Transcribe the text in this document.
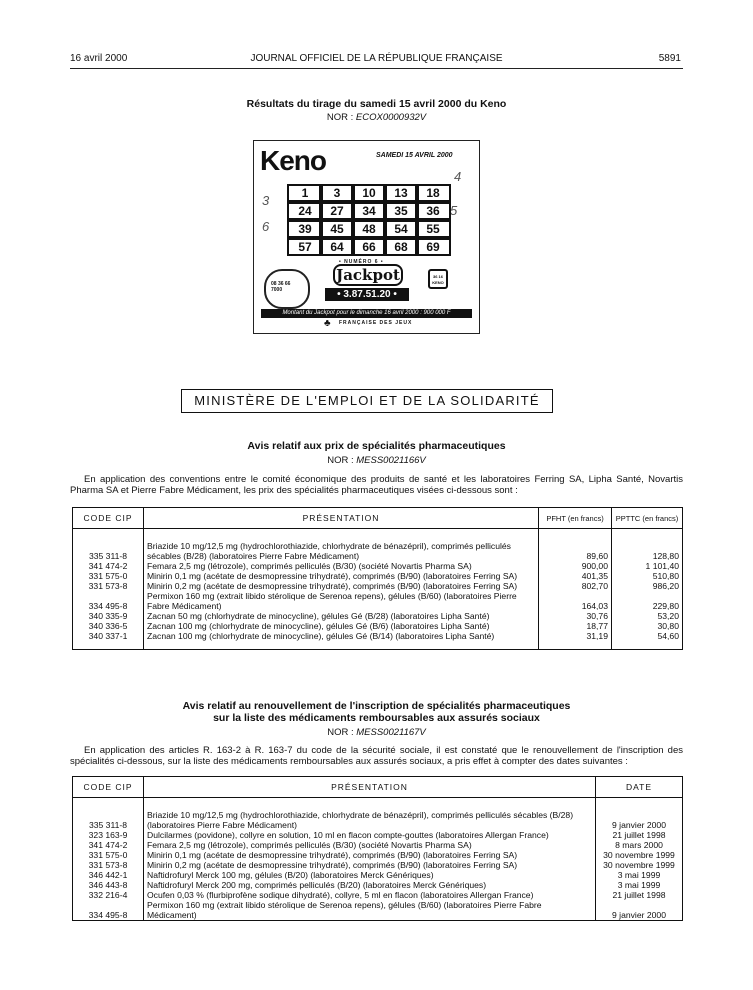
16 avril 2000	JOURNAL OFFICIEL DE LA RÉPUBLIQUE FRANÇAISE	5891
Résultats du tirage du samedi 15 avril 2000 du Keno
NOR : ECOX0000932V
Keno	SAMEDI 15 AVRIL 2000
3
6
5
4
1	3	10	13	18
24	27	34	35	36
39	45	48	54	55
57	64	66	68	69
08 36 66 7000
• NUMÉRO 6 •
Jackpot
• 3.87.51.20 •
36 16 KENO
Montant du Jackpot pour le dimanche 16 avril 2000 : 900 000 F
♣ FRANÇAISE DES JEUX
MINISTÈRE DE L'EMPLOI ET DE LA SOLIDARITÉ
Avis relatif aux prix de spécialités pharmaceutiques
NOR : MESS0021166V
En application des conventions entre le comité économique des produits de santé et les laboratoires Ferring SA, Lipha Santé, Novartis Pharma SA et Pierre Fabre Médicament, les prix des spécialités pharmaceutiques visées ci-dessous sont :
CODE CIP	PRÉSENTATION	PFHT (en francs)	PPTTC (en francs)

335 311-8	Briazide 10 mg/12,5 mg (hydrochlorothiazide, chlorhydrate de bénazépril), comprimés pelliculés sécables (B/28) (laboratoires Pierre Fabre Médicament)	89,60	128,80
341 474-2	Femara 2,5 mg (létrozole), comprimés pelliculés (B/30) (société Novartis Pharma SA)	900,00	1 101,40
331 575-0	Minirin 0,1 mg (acétate de desmopressine trihydraté), comprimés (B/90) (laboratoires Ferring SA)	401,35	510,80
331 573-8	Minirin 0,2 mg (acétate de desmopressine trihydraté), comprimés (B/90) (laboratoires Ferring SA)	802,70	986,20
334 495-8	Permixon 160 mg (extrait libido stérolique de Serenoa repens), gélules (B/60) (laboratoires Pierre Fabre Médicament)	164,03	229,80
340 335-9	Zacnan 50 mg (chlorhydrate de minocycline), gélules Gé (B/28) (laboratoires Lipha Santé)	30,76	53,20
340 336-5	Zacnan 100 mg (chlorhydrate de minocycline), gélules Gé (B/6) (laboratoires Lipha Santé)	18,77	30,80
340 337-1	Zacnan 100 mg (chlorhydrate de minocycline), gélules Gé (B/14) (laboratoires Lipha Santé)	31,19	54,60

Avis relatif au renouvellement de l'inscription de spécialités pharmaceutiques
sur la liste des médicaments remboursables aux assurés sociaux
NOR : MESS0021167V
En application des articles R. 163-2 à R. 163-7 du code de la sécurité sociale, il est constaté que le renouvellement de l'inscription des spécialités ci-dessous, sur la liste des médicaments remboursables aux assurés sociaux, a pris effet à compter des dates suivantes :
CODE CIP	PRÉSENTATION	DATE

335 311-8	Briazide 10 mg/12,5 mg (hydrochlorothiazide, chlorhydrate de bénazépril), comprimés pelliculés sécables (B/28) (laboratoires Pierre Fabre Médicament)	9 janvier 2000
323 163-9	Dulcilarmes (povidone), collyre en solution, 10 ml en flacon compte-gouttes (laboratoires Allergan France)	21 juillet 1998
341 474-2	Femara 2,5 mg (létrozole), comprimés pelliculés (B/30) (société Novartis Pharma SA)	8 mars 2000
331 575-0	Minirin 0,1 mg (acétate de desmopressine trihydraté), comprimés (B/90) (laboratoires Ferring SA)	30 novembre 1999
331 573-8	Minirin 0,2 mg (acétate de desmopressine trihydraté), comprimés (B/90) (laboratoires Ferring SA)	30 novembre 1999
346 442-1	Naftidrofuryl Merck 100 mg, gélules (B/20) (laboratoires Merck Génériques)	3 mai 1999
346 443-8	Naftidrofuryl Merck 200 mg, comprimés pelliculés (B/20) (laboratoires Merck Génériques)	3 mai 1999
332 216-4	Ocufen 0,03 % (flurbiprofène sodique dihydraté), collyre, 5 ml en flacon (laboratoires Allergan France)	21 juillet 1998
334 495-8	Permixon 160 mg (extrait libido stérolique de Serenoa repens), gélules (B/60) (laboratoires Pierre Fabre Médicament)	9 janvier 2000
